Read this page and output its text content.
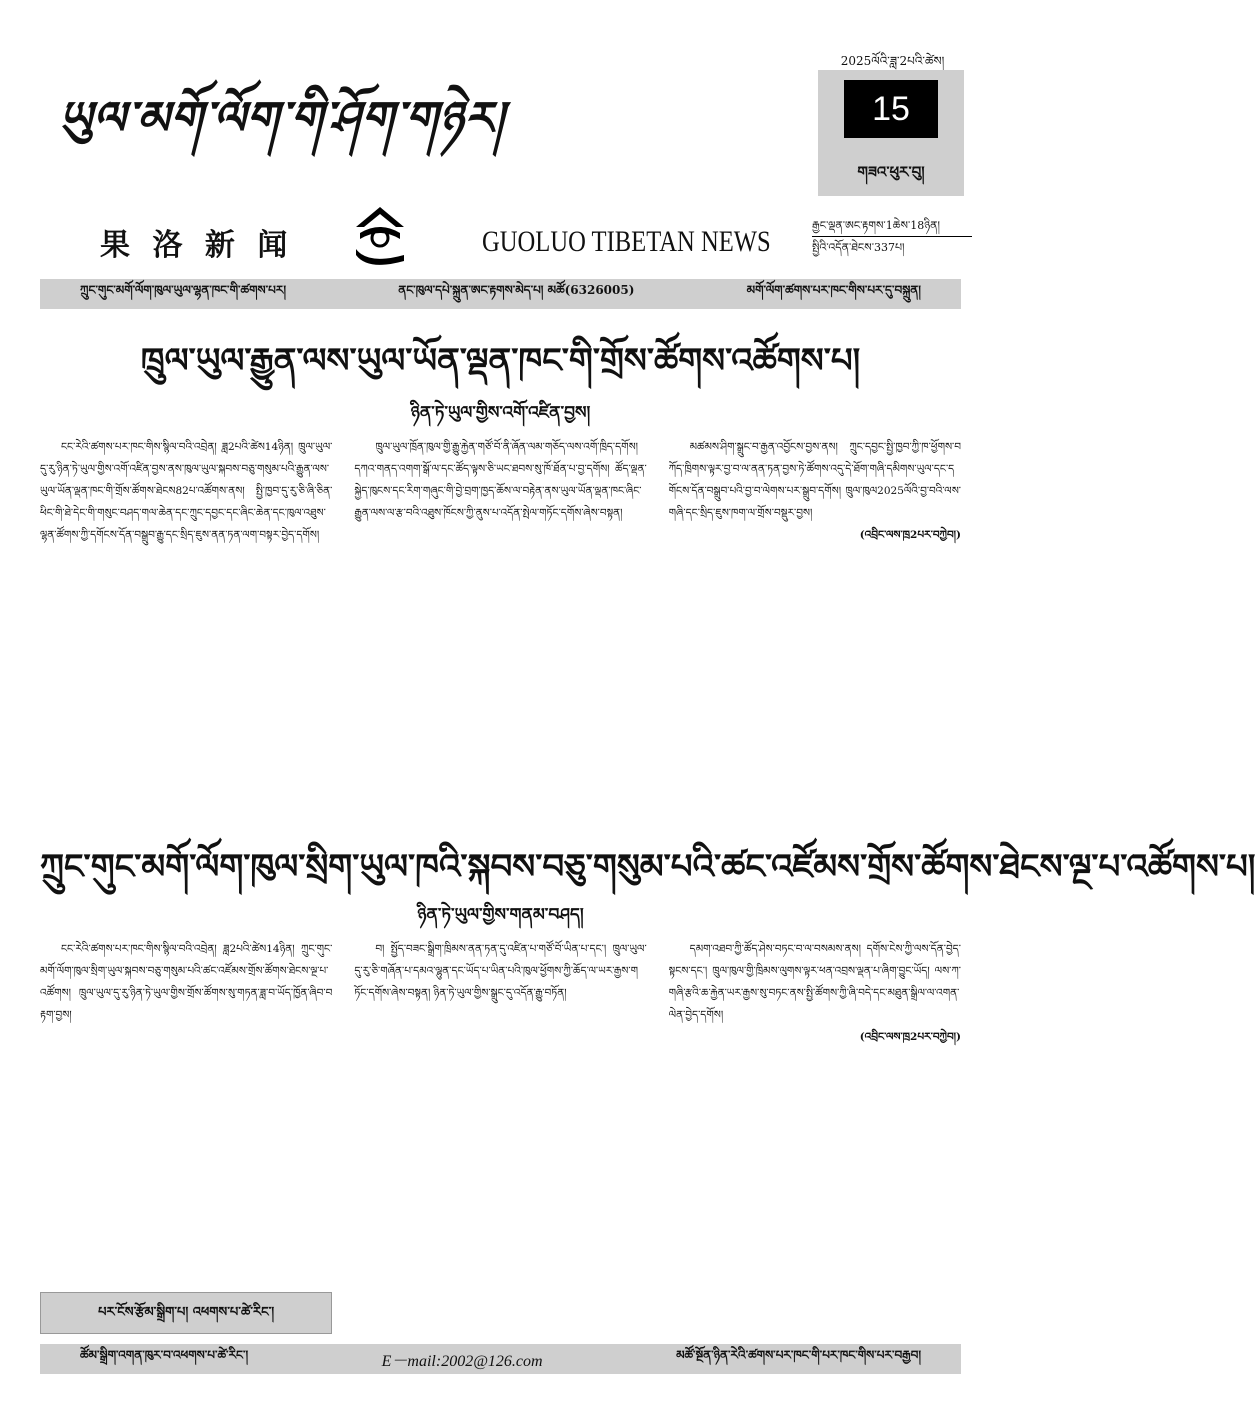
ཡུལ་མགོ་ལོག་གི་ཤོག་གཉེར།
2025ལོའི་ཟླ་2པའི་ཚེས།
15
གཟའ་ཕུར་བུ།
果 洛 新 闻	GUOLUO TIBETAN NEWS	རྒྱང་ལྡན་ཨང་རྟགས་1ཆེས་18ཉིན།
སྤྱིའི་འདོན་ཐེངས་337པ།
ཀྲུང་གུང་མགོ་ལོག་ཁུལ་ཡུལ་ལྷན་ཁང་གི་ཚགས་པར།	ནང་ཁུལ་དཔེ་སྐྲུན་ཨང་རྟགས་མེད་པ། མཚོ(6326005)	མགོ་ལོག་ཚགས་པར་ཁང་གིས་པར་དུ་བསྐྲུན།
ཁྲུལ་ཡུལ་རྒྱུན་ལས་ཡུལ་ཡོན་ལྡན་ཁང་གི་གྲོས་ཚོགས་འཚོགས་པ།
ཉིན་ཏེ་ཡུལ་གྱིས་འགོ་འཛིན་བྱས།

ངང་རེའི་ཚགས་པར་ཁང་གིས་སྙིལ་བའི་འབྲེན། ཟླ2པའི་ཚེས14ཉིན། ཁྲུལ་ཡུལ་དུ་རུ་ཉིན་ཏེ་ཡུལ་གྱིས་འགོ་འཛིན་བྱས་ནས་ཁུལ་ཡུལ་སྐབས་བཅུ་གསུམ་པའི་རྒྱུན་ལས་ཡུལ་ཡོན་ལྡན་ཁང་གི་གྲོས་ཚོགས་ཐེངས82པ་འཚོགས་ནས། སྤྱི་ཁྱབ་དུ་རུ་ཅི་ཞི་ཅིན་ཕིང་གི་ཐེ་དེང་གི་གསུང་བཤད་གལ་ཆེན་དང་ཀྲུང་དབྱང་དང་ཞིང་ཆེན་དང་ཁུལ་འཐུས་ལྷན་ཚོགས་ཀྱི་དགོངས་དོན་བསྒྲུབ་རྒྱུ་དང་སྲིད་ཇུས་ནན་ཏན་ལག་བསྟར་བྱེད་དགོས།

ཁྲུལ་ཡུལ་ཁྲོན་ཁུལ་གྱི་རྒྱུ་རྐྱེན་གཙོ་བོ་ནི་ཞོན་ལམ་གཅོད་ལས་འགོ་ཁྲིད་དགོས། དཀའ་གནད་འགག་སྒོ་ལ་དང་ཚོད་ལྟས་ཅི་ཡང་ཐབས་སུ་ཁོ་ཐོན་པ་བྱ་དགོས། ཚོད་ལྡན་སྐྱེད་ཁུངས་དང་རིག་གཞུང་གི་བྱེ་བྲག་ཁྱད་ཆོས་ལ་བརྟེན་ནས་ཡུལ་ཡོན་ལྡན་ཁང་ཞིང་རྒྱུན་ལས་ལ་རྩ་བའི་འཐུས་ཁོངས་ཀྱི་ནུས་པ་འདོན་སྤེལ་གཏོང་དགོས་ཞེས་བསྟན།

མཚམས་ཤིག་སྒྲུང་བ་རྒྱན་འབྱོངས་བྱས་ནས། ཀྲུང་དབྱང་སྤྱི་ཁྱབ་ཀྱི་ཁ་ཕྱོགས་བཀོད་ཁྲིགས་ལྟར་བྱ་བ་ལ་ནན་ཏན་བྱས་ཏེ་ཚོགས་འདུ་དེ་ཐོག་གཞི་དམིགས་ཡུལ་དང་དགོངས་དོན་བསྒྲུབ་པའི་བྱ་བ་ལེགས་པར་སྒྲུབ་དགོས། ཁྲུལ་ཁུལ2025ལོའི་བྱ་བའི་ལས་གཞི་དང་སྲིད་ཇུས་ཁག་ལ་གྲོས་བསྡུར་བྱས།

(འབྲིང་ལས་ཁྲ2པར་བཀྱེབ།)
ཀྲུང་གུང་མགོ་ལོག་ཁུལ་སྲིག་ཡུལ་ཁའི་སྐབས་བཅུ་གསུམ་པའི་ཚང་འཛོམས་གྲོས་ཚོགས་ཐེངས་ལྔ་པ་འཚོགས་པ།
ཉིན་ཏེ་ཡུལ་གྱིས་གནམ་བཤད།

ངང་རེའི་ཚགས་པར་ཁང་གིས་སྙིལ་བའི་འབྲེན། ཟླ2པའི་ཚེས14ཉིན། ཀྲུང་གུང་མགོ་ལོག་ཁུལ་སྲིག་ཡུལ་སྐབས་བཅུ་གསུམ་པའི་ཚང་འཛོམས་གྲོས་ཚོགས་ཐེངས་ལྔ་པ་འཚོགས། ཁྲུལ་ཡུལ་དུ་རུ་ཉིན་ཏེ་ཡུལ་གྱིས་གྲོས་ཚོགས་སུ་གཏན་ཟླ་བ་ཡོད་ཁྱོན་ཞིབ་བརྟག་བྱས།

པར་ངོས་རྩོམ་སྒྲིག་པ། འཕགས་པ་ཚེ་རིང་།

བ། སྤྱོད་བཟང་སྒྲིག་ཁྲིམས་ནན་ཏན་དུ་འཛིན་པ་གཙོ་བོ་ཡིན་པ་དང་། ཁྲུལ་ཡུལ་དུ་རུ་ཅི་གཞོན་པ་དམའ་ལྷུན་དང་ཡོད་པ་ཡིན་པའི་ཁུལ་ཕྱོགས་ཀྱི་ཆོད་ལ་ཡར་རྒྱས་གཏོང་དགོས་ཞེས་བསྟན། ཉིན་ཏེ་ཡུལ་གྱིས་སྒྲུང་དུ་འདོན་རྒྱུ་བཏོན།

དམག་འཐབ་ཀྱི་ཚོད་ཤེས་བཏང་བ་ལ་བསམས་ནས། དགོས་ངེས་ཀྱི་ལས་དོན་བྱེད་སྟངས་དང་། ཁྲུལ་ཁུལ་གྱི་ཁྲིམས་ལུགས་ལྟར་ཕན་འབྲས་ལྡན་པ་ཞིག་བྱུང་ཡོད། ལས་ཀ་གཞི་རྩའི་ཆ་རྐྱེན་ཡར་རྒྱས་སུ་བཏང་ནས་སྤྱི་ཚོགས་ཀྱི་ཞི་བདེ་དང་མཐུན་སྒྲིལ་ལ་འགན་ལེན་བྱེད་དགོས།

(འབྲིང་ལས་ཁྲ2པར་བཀྱེབ།)
ཚོམ་སྒྲིག་འགན་ཁུར་བ་འཕགས་པ་ཚེ་རིང་།	E－mail:2002@126.com	མཚོ་སྔོན་ཉིན་རེའི་ཚགས་པར་ཁང་གི་པར་ཁང་གིས་པར་བརྒྱབ།
